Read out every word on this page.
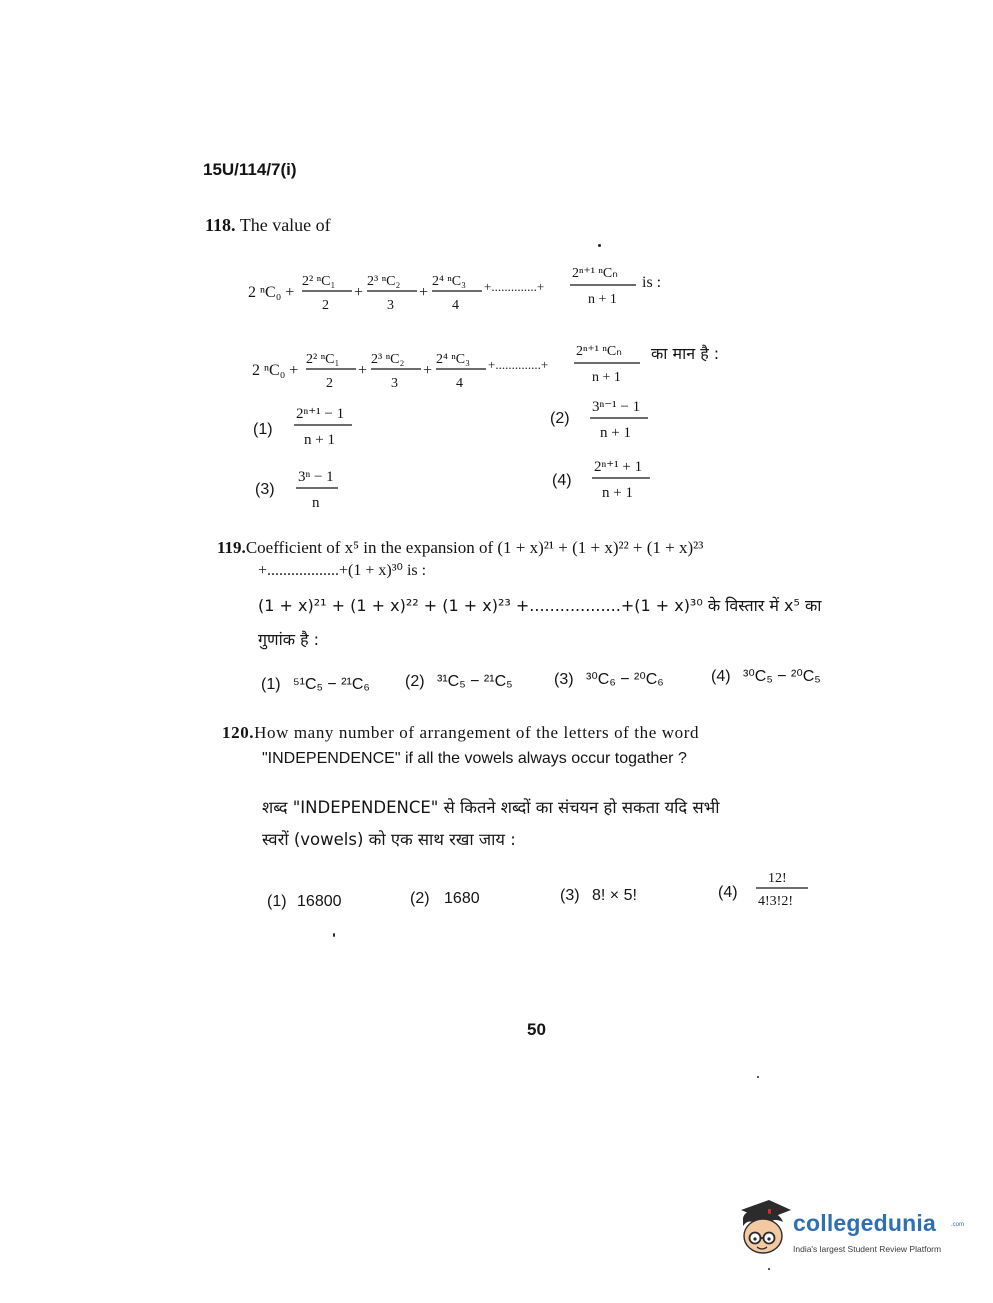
15U/114/7(i)
118. The value of
2 ⁿC₀ +
2² ⁿC₁
2
+
2³ ⁿC₂
3
+
2⁴ ⁿC₃
4
+..............+
2ⁿ⁺¹ ⁿCₙ
n + 1
is :
2 ⁿC₀ +
2² ⁿC₁
2
+
2³ ⁿC₂
3
+
2⁴ ⁿC₃
4
+..............+
2ⁿ⁺¹ ⁿCₙ
n + 1
का मान है :
(1)
2ⁿ⁺¹ − 1
n + 1
(2)
3ⁿ⁻¹ − 1
n + 1
(3)
3ⁿ − 1
n
(4)
2ⁿ⁺¹ + 1
n + 1
119.Coefficient of x⁵ in the expansion of (1 + x)²¹ + (1 + x)²² + (1 + x)²³
+..................+(1 + x)³⁰ is :
(1 + x)²¹ + (1 + x)²² + (1 + x)²³ +..................+(1 + x)³⁰ के विस्तार में x⁵ का
गुणांक है :
(1) ⁵¹C₅ − ²¹C₆ (2) ³¹C₅ − ²¹C₅	(3) ³⁰C₆ − ²⁰C₆	(4) ³⁰C₅ − ²⁰C₅
120.How many number of arrangement of the letters of the word
"INDEPENDENCE" if all the vowels always occur togather ?
शब्द "INDEPENDENCE" से कितने शब्दों का संचयन हो सकता यदि सभी
स्वरों (vowels) को एक साथ रखा जाय :
(1) 16800	(2) 1680	(3) 8! × 5!	(4)
12!
4!3!2!
50
collegedunia	.com
India's largest Student Review Platform
